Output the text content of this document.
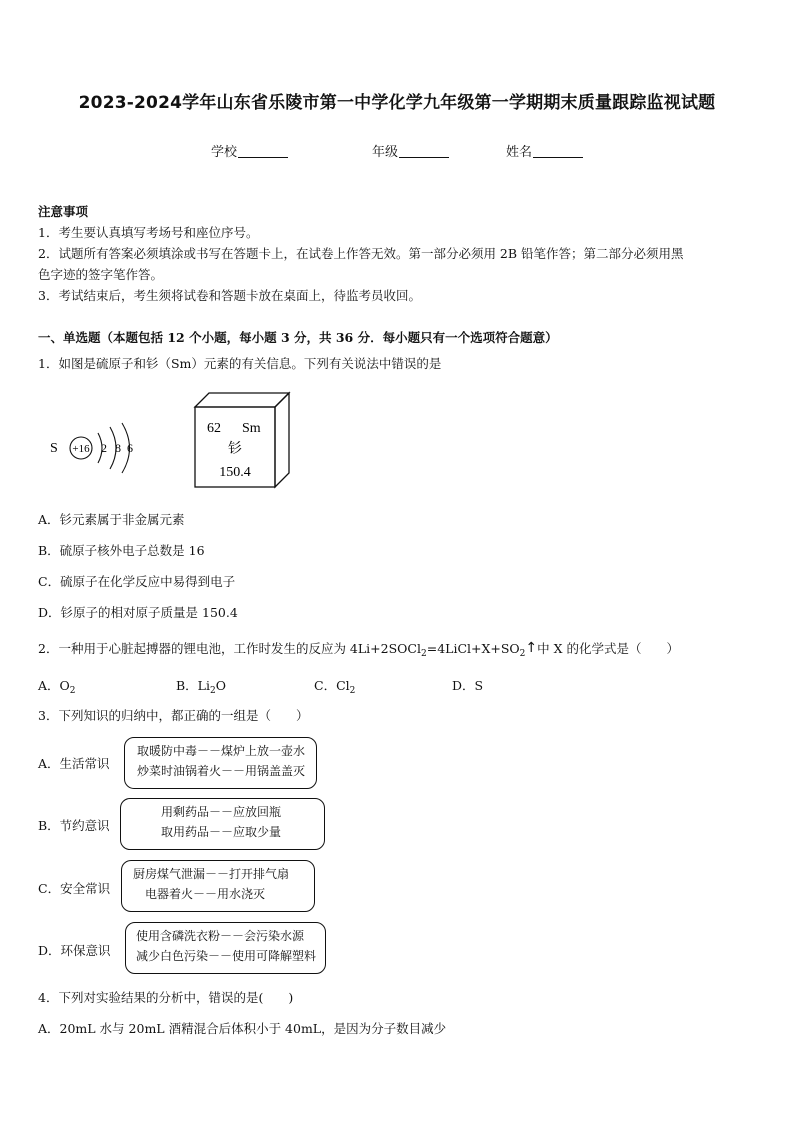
2023-2024学年山东省乐陵市第一中学化学九年级第一学期期末质量跟踪监视试题
学校	年级	姓名
注意事项
1．考生要认真填写考场号和座位序号。
2．试题所有答案必须填涂或书写在答题卡上，在试卷上作答无效。第一部分必须用 2B 铅笔作答；第二部分必须用黑
色字迹的签字笔作答。
3．考试结束后，考生须将试卷和答题卡放在桌面上，待监考员收回。
一、单选题（本题包括 12 个小题，每小题 3 分，共 36 分．每小题只有一个选项符合题意）
1．如图是硫原子和钐（Sm）元素的有关信息。下列有关说法中错误的是
S +16 2 8 6
62 Sm
钐
150.4
A．钐元素属于非金属元素
B．硫原子核外电子总数是 16
C．硫原子在化学反应中易得到电子
D．钐原子的相对原子质量是 150.4
2．一种用于心脏起搏器的锂电池，工作时发生的反应为 $4Li+2SOCl_2=4LiCl+X+SO_2↑$中 X 的化学式是（　　）
A．$O_2$	B．$Li_2O$	C．$Cl_2$	D．S
3．下列知识的归纳中，都正确的一组是（　　）
A．生活常识
取暖防中毒－－煤炉上放一壶水
炒菜时油锅着火－－用锅盖盖灭
B．节约意识
用剩药品－－应放回瓶
取用药品－－应取少量
C．安全常识
厨房煤气泄漏－－打开排气扇
电器着火－－用水浇灭
D．环保意识
使用含磷洗衣粉－－会污染水源
减少白色污染－－使用可降解塑料
4．下列对实验结果的分析中，错误的是(　　)
A．20mL 水与 20mL 酒精混合后体积小于 40mL，是因为分子数目减少
